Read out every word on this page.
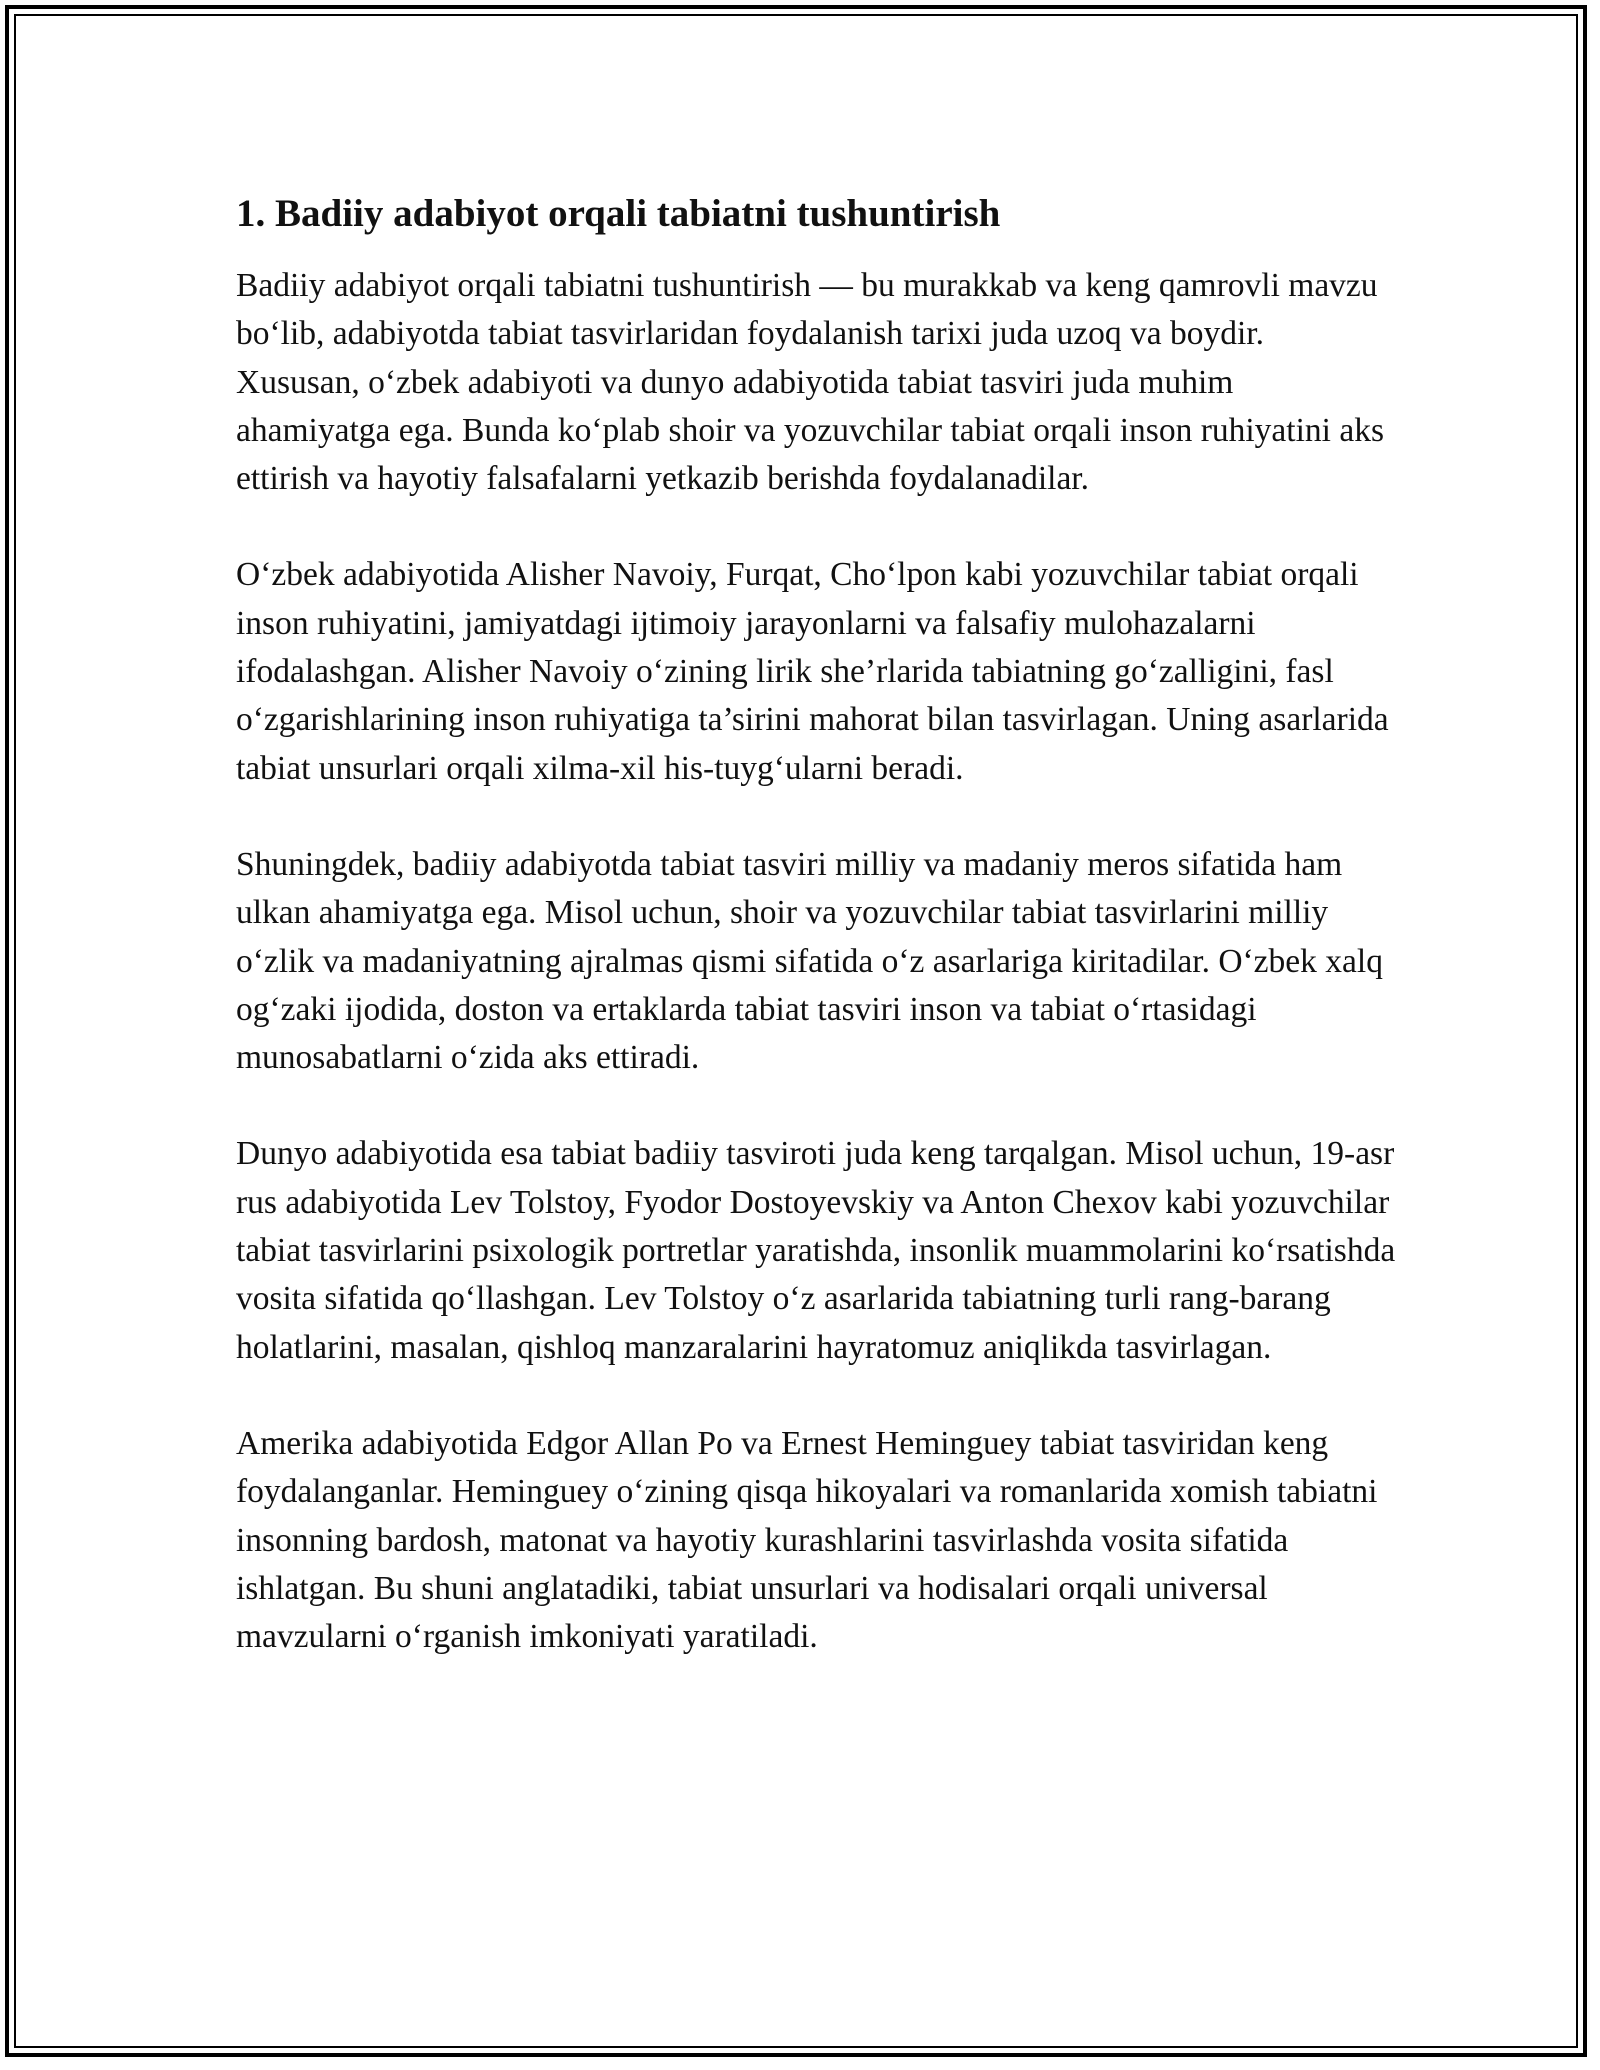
1. Badiiy adabiyot orqali tabiatni tushuntirish

Badiiy adabiyot orqali tabiatni tushuntirish — bu murakkab va keng qamrovli mavzu bo‘lib, adabiyotda tabiat tasvirlaridan foydalanish tarixi juda uzoq va boydir. Xususan, o‘zbek adabiyoti va dunyo adabiyotida tabiat tasviri juda muhim ahamiyatga ega. Bunda ko‘plab shoir va yozuvchilar tabiat orqali inson ruhiyatini aks ettirish va hayotiy falsafalarni yetkazib berishda foydalanadilar.

O‘zbek adabiyotida Alisher Navoiy, Furqat, Cho‘lpon kabi yozuvchilar tabiat orqali inson ruhiyatini, jamiyatdagi ijtimoiy jarayonlarni va falsafiy mulohazalarni ifodalashgan. Alisher Navoiy o‘zining lirik she’rlarida tabiatning go‘zalligini, fasl o‘zgarishlarining inson ruhiyatiga ta’sirini mahorat bilan tasvirlagan. Uning asarlarida tabiat unsurlari orqali xilma-xil his-tuyg‘ularni beradi.

Shuningdek, badiiy adabiyotda tabiat tasviri milliy va madaniy meros sifatida ham ulkan ahamiyatga ega. Misol uchun, shoir va yozuvchilar tabiat tasvirlarini milliy o‘zlik va madaniyatning ajralmas qismi sifatida o‘z asarlariga kiritadilar. O‘zbek xalq og‘zaki ijodida, doston va ertaklarda tabiat tasviri inson va tabiat o‘rtasidagi munosabatlarni o‘zida aks ettiradi.

Dunyo adabiyotida esa tabiat badiiy tasviroti juda keng tarqalgan. Misol uchun, 19-asr rus adabiyotida Lev Tolstoy, Fyodor Dostoyevskiy va Anton Chexov kabi yozuvchilar tabiat tasvirlarini psixologik portretlar yaratishda, insonlik muammolarini ko‘rsatishda vosita sifatida qo‘llashgan. Lev Tolstoy o‘z asarlarida tabiatning turli rang-barang holatlarini, masalan, qishloq manzaralarini hayratomuz aniqlikda tasvirlagan.

Amerika adabiyotida Edgor Allan Po va Ernest Heminguey tabiat tasviridan keng foydalanganlar. Heminguey o‘zining qisqa hikoyalari va romanlarida xomish tabiatni insonning bardosh, matonat va hayotiy kurashlarini tasvirlashda vosita sifatida ishlatgan. Bu shuni anglatadiki, tabiat unsurlari va hodisalari orqali universal mavzularni o‘rganish imkoniyati yaratiladi.
